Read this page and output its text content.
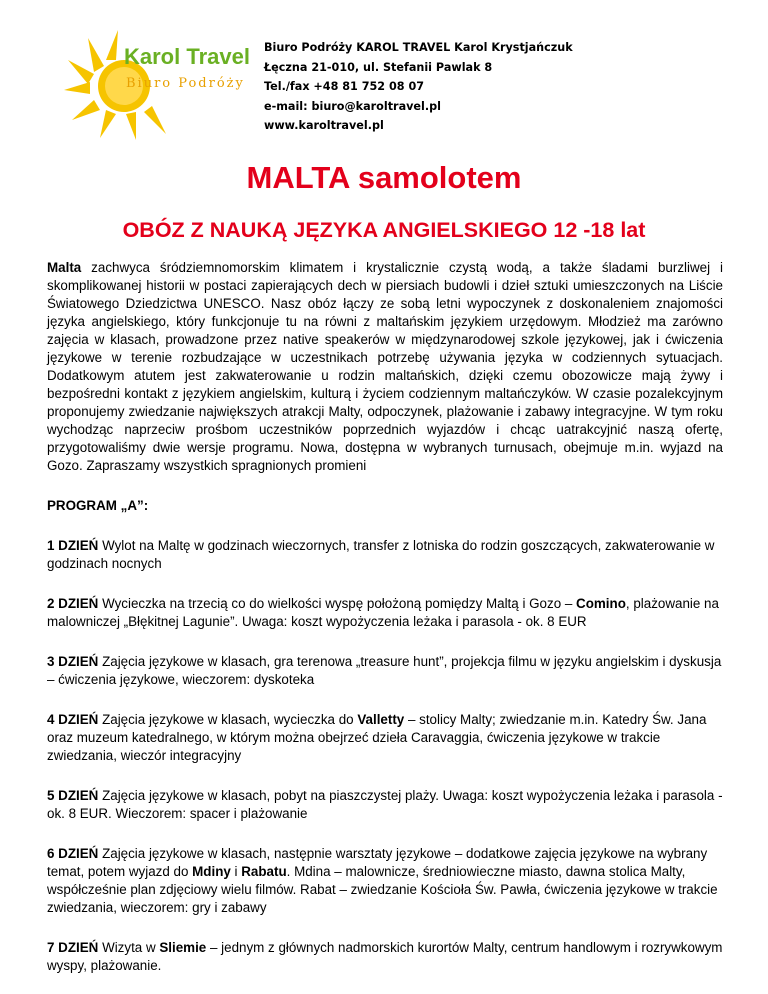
Karol Travel
Biuro Podróży
Biuro Podróży KAROL TRAVEL Karol Krystjańczuk
Łęczna 21-010, ul. Stefanii Pawlak 8
Tel./fax +48 81 752 08 07
e-mail: biuro@karoltravel.pl
www.karoltravel.pl
MALTA samolotem
OBÓZ Z NAUKĄ JĘZYKA ANGIELSKIEGO 12 -18 lat

Malta zachwyca śródziemnomorskim klimatem i krystalicznie czystą wodą, a także śladami burzliwej i skomplikowanej historii w postaci zapierających dech w piersiach budowli i dzieł sztuki umieszczonych na Liście Światowego Dziedzictwa UNESCO. Nasz obóz łączy ze sobą letni wypoczynek z doskonaleniem znajomości języka angielskiego, który funkcjonuje tu na równi z maltańskim językiem urzędowym. Młodzież ma zarówno zajęcia w klasach, prowadzone przez native speakerów w międzynarodowej szkole językowej, jak i ćwiczenia językowe w terenie rozbudzające w uczestnikach potrzebę używania języka w codziennych sytuacjach. Dodatkowym atutem jest zakwaterowanie u rodzin maltańskich, dzięki czemu obozowicze mają żywy i bezpośredni kontakt z językiem angielskim, kulturą i życiem codziennym maltańczyków. W czasie pozalekcyjnym proponujemy zwiedzanie największych atrakcji Malty, odpoczynek, plażowanie i zabawy integracyjne. W tym roku wychodząc naprzeciw prośbom uczestników poprzednich wyjazdów i chcąc uatrakcyjnić naszą ofertę, przygotowaliśmy dwie wersje programu. Nowa, dostępna w wybranych turnusach, obejmuje m.in. wyjazd na Gozo. Zapraszamy wszystkich spragnionych promieni

PROGRAM „A”:

1 DZIEŃ Wylot na Maltę w godzinach wieczornych, transfer z lotniska do rodzin goszczących, zakwaterowanie w godzinach nocnych

2 DZIEŃ Wycieczka na trzecią co do wielkości wyspę położoną pomiędzy Maltą i Gozo – Comino, plażowanie na malowniczej „Błękitnej Lagunie”. Uwaga: koszt wypożyczenia leżaka i parasola - ok. 8 EUR

3 DZIEŃ Zajęcia językowe w klasach, gra terenowa „treasure hunt”, projekcja filmu w języku angielskim i dyskusja – ćwiczenia językowe, wieczorem: dyskoteka

4 DZIEŃ Zajęcia językowe w klasach, wycieczka do Valletty – stolicy Malty; zwiedzanie m.in. Katedry Św. Jana oraz muzeum katedralnego, w którym można obejrzeć dzieła Caravaggia, ćwiczenia językowe w trakcie zwiedzania, wieczór integracyjny

5 DZIEŃ Zajęcia językowe w klasach, pobyt na piaszczystej plaży. Uwaga: koszt wypożyczenia leżaka i parasola - ok. 8 EUR. Wieczorem: spacer i plażowanie

6 DZIEŃ Zajęcia językowe w klasach, następnie warsztaty językowe – dodatkowe zajęcia językowe na wybrany temat, potem wyjazd do Mdiny i Rabatu. Mdina – malownicze, średniowieczne miasto, dawna stolica Malty, współcześnie plan zdjęciowy wielu filmów. Rabat – zwiedzanie Kościoła Św. Pawła, ćwiczenia językowe w trakcie zwiedzania, wieczorem: gry i zabawy

7 DZIEŃ Wizyta w Sliemie – jednym z głównych nadmorskich kurortów Malty, centrum handlowym i rozrywkowym wyspy, plażowanie.
